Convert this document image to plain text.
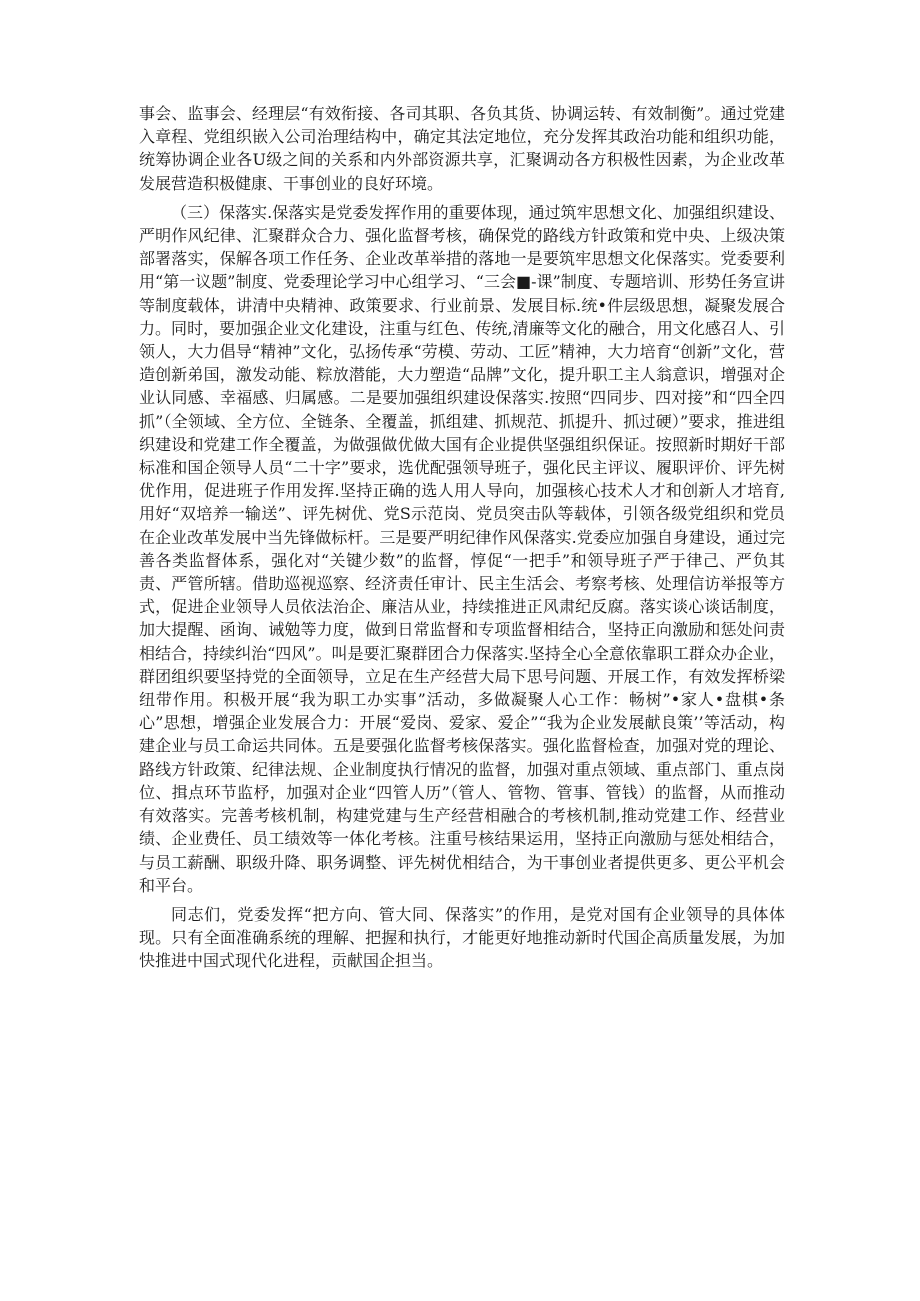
事会、监事会、经理层“有效衔接、各司其职、各负其货、协调运转、有效制衡”。通过党建入章程、党组织嵌入公司治理结构中，确定其法定地位，充分发挥其政治功能和组织功能，统筹协调企业各U级之间的关系和内外部资源共享，汇聚调动各方积极性因素，为企业改革发展营造积极健康、干事创业的良好环境。

（三）保落实.保落实是党委发挥作用的重要体现，通过筑牢思想文化、加强组织建设、严明作风纪律、汇聚群众合力、强化监督考核，确保党的路线方针政策和党中央、上级决策部署落实，保解各项工作任务、企业改革举措的落地一是要筑牢思想文化保落实。党委要利用“第一议题”制度、党委理论学习中心组学习、“三会■-课”制度、专题培训、形势任务宣讲等制度载体，讲清中央精神、政策要求、行业前景、发展目标.统•件层级思想，凝聚发展合力。同时，要加强企业文化建设，注重与红色、传统,清廉等文化的融合，用文化感召人、引领人，大力倡导“精神”文化，弘扬传承“劳模、劳动、工匠”精神，大力培育“创新”文化，营造创新弟国，激发动能、粽放潜能，大力塑造“品牌”文化，提升职工主人翁意识，增强对企业认同感、幸福感、归属感。二是要加强组织建设保落实.按照“四同步、四对接”和“四全四抓”（全领域、全方位、全链条、全覆盖，抓组建、抓规范、抓提升、抓过硬）”要求，推进组织建设和党建工作全覆盖，为做强做优做大国有企业提供坚强组织保证。按照新时期好干部标准和国企领导人员“二十字”要求，选优配强领导班子，强化民主评议、履职评价、评先树优作用，促进班子作用发挥.坚持正确的选人用人导向，加强核心技术人才和创新人才培育,用好“双培养一输送”、评先树优、党S示范岗、党员突击队等载体，引领各级党组织和党员在企业改革发展中当先锋做标杆。三是要严明纪律作风保落实.党委应加强自身建设，通过完善各类监督体系，强化对“关键少数”的监督，惇促“一把手”和领导班子严于律己、严负其责、严管所辖。借助巡视巡察、经济责任审计、民主生活会、考察考核、处理信访举报等方式，促进企业领导人员依法治企、廉洁从业，持续推进正风肃纪反腐。落实谈心谈话制度，加大提醒、函询、诫勉等力度，做到日常监督和专项监督相结合，坚持正向激励和惩处问责相结合，持续纠治“四风”。叫是要汇聚群团合力保落实.坚持全心全意依靠职工群众办企业，群团组织要坚持党的全面领导，立足在生产经营大局下思号问题、开展工作，有效发挥桥梁纽带作用。积极开展“我为职工办实事”活动，多做凝聚人心工作：畅树”•家人•盘棋•条心”思想，增强企业发展合力：开展“爱岗、爱家、爱企”“我为企业发展献良策’’等活动，构建企业与员工命运共同体。五是要强化监督考核保落实。强化监督检查，加强对党的理论、路线方针政策、纪律法规、企业制度执行情况的监督，加强对重点领域、重点部门、重点岗位、揖点环节监杼，加强对企业“四管人历”（管人、管物、管事、管钱）的监督，从而推动有效落实。完善考核机制，构建党建与生产经营相融合的考核机制,推动党建工作、经营业绩、企业费任、员工绩效等一体化考核。注重号核结果运用，坚持正向激励与惩处相结合，与员工薪酬、职级升降、职务调整、评先树优相结合，为干事创业者提供更多、更公平机会和平台。

同志们，党委发挥“把方向、管大同、保落实”的作用，是党对国有企业领导的具体体现。只有全面准确系统的理解、把握和执行，才能更好地推动新时代国企高质量发展，为加快推进中国式现代化进程，贡献国企担当。
